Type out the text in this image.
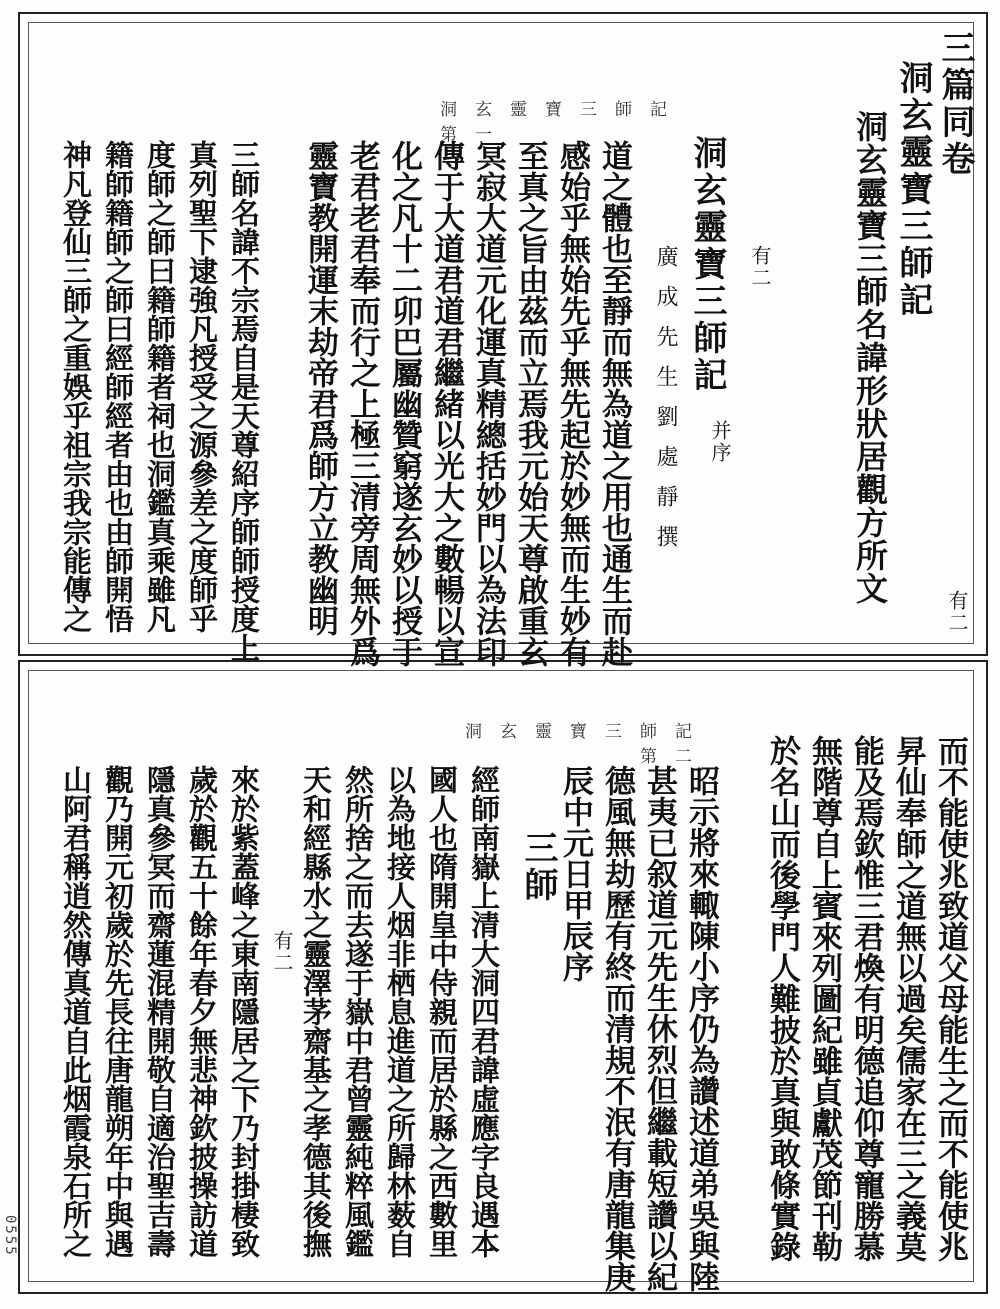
洞玄靈寶三師記 第一
洞玄靈寶三師記 第二
三篇同卷
洞玄靈寶三師記
洞玄靈寶三師名諱形狀居觀方所文
有二
洞玄靈寶三師記
并序
廣成先生劉處靜撰	有二
道之體也至靜而無為道之用也通生而赴
感始乎無始先乎無先起於妙無而生妙有
至真之旨由茲而立焉我元始天尊啟重玄
冥寂大道元化運真精總括妙門以為法印
傳于大道君道君繼緒以光大之數暢以宣
化之凡十二卯巴屬幽贊窮遂玄妙以授于
老君老君奉而行之上極三清旁周無外爲
靈寶教開運末劫帝君爲師方立教幽明
三師名諱不宗焉自是天尊紹序師師授度上
真列聖下逮強凡授受之源參差之度師乎
度師之師曰籍師籍者祠也洞鑑真乘雖凡
籍師籍師之師曰經師經者由也由師開悟
神凡登仙三師之重娛乎祖宗我宗能傳之
而不能使兆致道父母能生之而不能使兆
昇仙奉師之道無以過矣儒家在三之義莫
能及焉欽惟三君煥有明德追仰尊寵勝慕
無階尊自上賓來列圖紀雖貞獻茂節刊勒
於名山而後學門人難披於真與敢條實錄
昭示將來輙陳小序仍為讚述道弟吳與陸
甚夷已叙道元先生休烈但繼載短讚以紀
德風無劫歷有終而清規不泯有唐龍集庚
辰中元日甲辰序
三師
經師南嶽上清大洞四君諱虛應字良遇本
國人也隋開皇中侍親而居於縣之西數里
以為地接人烟非栖息進道之所歸林薮自
然所捨之而去遂于嶽中君曾靈純粹風鑑
天和經縣水之靈澤茅齋基之孝德其後撫
有二
來於紫蓋峰之東南隱居之下乃封掛棲致
歲於觀五十餘年春夕無悲神欽披操訪道
隱真參冥而齋蓮混精開敬自適治聖吉壽
觀乃開元初歲於先長往唐龍朔年中與遇
山阿君稱逍然傳真道自此烟霞泉石所之
0555
